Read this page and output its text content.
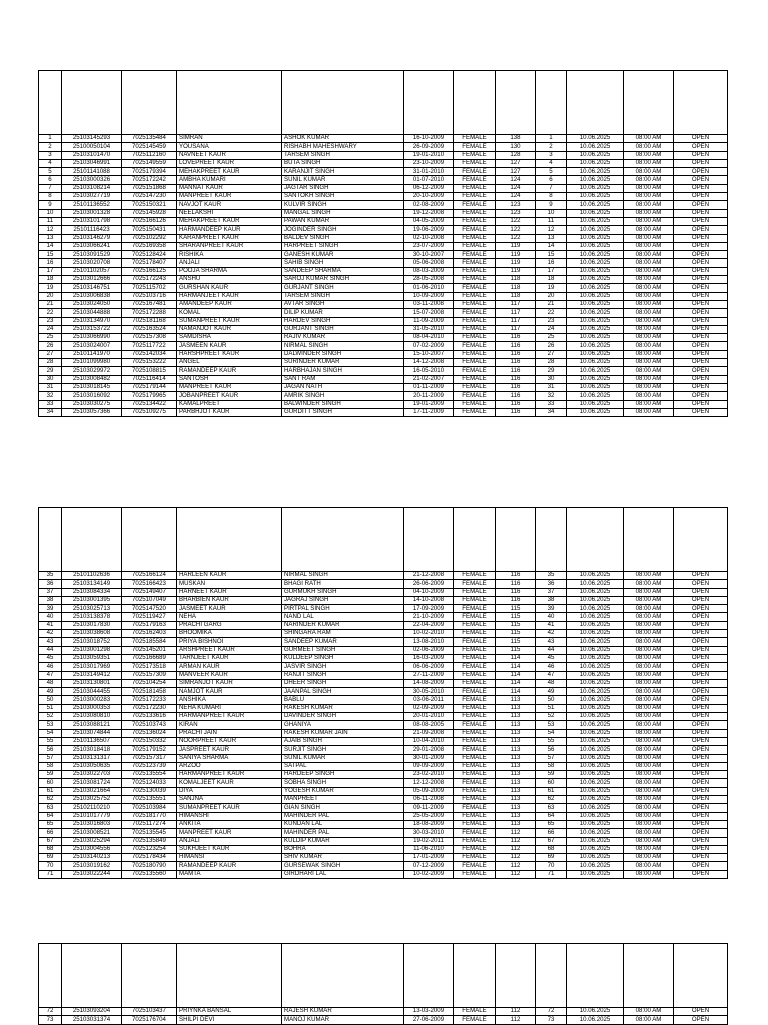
1	25103145293	7025135484	SIMRAN	ASHOK KUMAR	16-10-2009	FEMALE	138	1	10.06.2025	08:00 AM	OPEN
2	25100050104	7025145459	YOUSANA	RISHABH MAHESHWARY	26-09-2009	FEMALE	130	2	10.06.2025	08:00 AM	OPEN
3	25103101470	7025112160	NAVNEET KAUR	TARSEM SINGH	19-01-2010	FEMALE	128	3	10.06.2025	08:00 AM	OPEN
4	25103046991	7025149559	LOVEPREET KAUR	BUTA SINGH	23-10-2009	FEMALE	127	4	10.06.2025	08:00 AM	OPEN
5	25101141088	7025179394	MEHAKPREET KAUR	KARANJIT SINGH	31-01-2010	FEMALE	127	5	10.06.2025	08:00 AM	OPEN
6	25103000326	7025172242	AMBHA KUMARI	SUNIL KUMAR	01-07-2010	FEMALE	124	6	10.06.2025	08:00 AM	OPEN
7	25103108214	7025151868	MANNAT KAUR	JAGTAR SINGH	06-12-2009	FEMALE	124	7	10.06.2025	08:00 AM	OPEN
8	25103027719	7025147230	MANPREET KAUR	SANTOKH SINGH	20-10-2009	FEMALE	124	8	10.06.2025	08:00 AM	OPEN
9	25101136552	7025150321	NAVJOT KAUR	KULVIR SINGH	02-08-2009	FEMALE	123	9	10.06.2025	08:00 AM	OPEN
10	25103001328	7025145928	NEELAKSHI	MANGAL SINGH	19-12-2008	FEMALE	123	10	10.06.2025	08:00 AM	OPEN
11	25103101798	7025166126	MEHAKPREET KAUR	PAWAN KUMAR	04-05-2009	FEMALE	122	11	10.06.2025	08:00 AM	OPEN
12	25101116423	7025150431	HARMANDEEP KAUR	JOGINDER SINGH	19-06-2009	FEMALE	122	12	10.06.2025	08:00 AM	OPEN
13	25103146279	7025102292	KARANPREET KAUR	BALDEV SINGH	02-10-2008	FEMALE	122	13	10.06.2025	08:00 AM	OPEN
14	25103066241	7025169358	SHARANPREET KAUR	HARPREET SINGH	23-07-2009	FEMALE	119	14	10.06.2025	08:00 AM	OPEN
15	25103091529	7025128424	RISHIKA	GANESH KUMAR	30-10-2007	FEMALE	119	15	10.06.2025	08:00 AM	OPEN
16	25103020708	7025178407	ANJALI	SAHIB SINGH	05-06-2008	FEMALE	119	16	10.06.2025	08:00 AM	OPEN
17	25101102057	7025166125	POOJA SHARMA	SANDEEP SHARMA	08-03-2009	FEMALE	119	17	10.06.2025	08:00 AM	OPEN
18	25103012666	7025172243	ANSHU	SAROJ KUMAR SINGH	28-05-2008	FEMALE	118	18	10.06.2025	08:00 AM	OPEN
19	25103146751	7025115702	GURSHAN KAUR	GURJANT SINGH	01-06-2010	FEMALE	118	19	10.06.2025	08:00 AM	OPEN
20	25103006838	7025103716	HARMANJEET KAUR	TARSEM SINGH	10-09-2009	FEMALE	118	20	10.06.2025	08:00 AM	OPEN
21	25103024050	7025167481	AMANDEEP KAUR	AVTAR SINGH	03-11-2008	FEMALE	117	21	10.06.2025	08:00 AM	OPEN
22	25103044888	7025172288	KOMAL	DILIP KUMAR	15-07-2008	FEMALE	117	22	10.06.2025	08:00 AM	OPEN
23	25103134970	7025181168	SUMANPREET KAUR	HARDEV SINGH	11-09-2009	FEMALE	117	23	10.06.2025	08:00 AM	OPEN
24	25103153722	7025163524	NAMANJOT KAUR	GURJANT SINGH	31-05-2010	FEMALE	117	24	10.06.2025	08:00 AM	OPEN
25	25103066990	7025157308	SAMDISHA	RAJIV KUMAR	08-04-2010	FEMALE	116	25	10.06.2025	08:00 AM	OPEN
26	25103024007	7025117722	JASMEEN KAUR	NIRMAL SINGH	07-02-2009	FEMALE	116	26	10.06.2025	08:00 AM	OPEN
27	25101141970	7025142034	HARSHPREET KAUR	DALWINDER SINGH	15-10-2007	FEMALE	116	27	10.06.2025	08:00 AM	OPEN
28	25101099980	7025153222	ANGEL	SURINDER KUMAR	14-12-2008	FEMALE	116	28	10.06.2025	08:00 AM	OPEN
29	25103029972	7025108815	RAMANDEEP KAUR	HARBHAJAN SINGH	16-05-2010	FEMALE	116	29	10.06.2025	08:00 AM	OPEN
30	25103008482	7025116414	SANTOSH	SANT RAM	21-02-2007	FEMALE	116	30	10.06.2025	08:00 AM	OPEN
31	25103018145	7025179144	MANPREET KAUR	JAGAN NATH	01-11-2009	FEMALE	116	31	10.06.2025	08:00 AM	OPEN
32	25103016092	7025179965	JOBANPREET KAUR	AMRIK SINGH	20-11-2009	FEMALE	116	32	10.06.2025	08:00 AM	OPEN
33	25103030275	7025134422	KAMALPREET	BALWINDER SINGH	19-01-2009	FEMALE	116	33	10.06.2025	08:00 AM	OPEN
34	25103057366	7025109275	PARBHJOT KAUR	GURDITT SINGH	17-11-2009	FEMALE	116	34	10.06.2025	08:00 AM	OPEN

35	25101102636	7025166124	HARLEEN KAUR	NIRMAL SINGH	21-12-2008	FEMALE	116	35	10.06.2025	08:00 AM	OPEN
36	25103134149	7025166423	MUSKAN	BHAGI RATH	26-06-2009	FEMALE	116	36	10.06.2025	08:00 AM	OPEN
37	25103084334	7025149407	HARNEET KAUR	GURMUKH SINGH	04-10-2009	FEMALE	116	37	10.06.2025	08:00 AM	OPEN
38	25103001395	7025107049	BHARBIEN KAUR	JAGRAJ SINGH	14-10-2008	FEMALE	116	38	10.06.2025	08:00 AM	OPEN
39	25103025713	7025147520	JASMEET KAUR	PIRTPAL SINGH	17-09-2009	FEMALE	115	39	10.06.2025	08:00 AM	OPEN
40	25103138378	7025119427	NEHA	NAND LAL	21-10-2009	FEMALE	115	40	10.06.2025	08:00 AM	OPEN
41	25103017830	7025179163	PRACHI GARG	NARINDER KUMAR	22-04-2009	FEMALE	115	41	10.06.2025	08:00 AM	OPEN
42	25103038608	7025162403	BHOOMIKA	SHINGARA RAM	10-02-2010	FEMALE	115	42	10.06.2025	08:00 AM	OPEN
43	25103018752	7025185584	PRIYA BISHNOI	SANDEEP KUMAR	13-08-2010	FEMALE	115	43	10.06.2025	08:00 AM	OPEN
44	25103001298	7025145201	ARSHPREET KAUR	GURMEET SINGH	02-06-2009	FEMALE	115	44	10.06.2025	08:00 AM	OPEN
45	25103059351	7025166689	TARNJEET KAUR	KULDEEP SINGH	16-03-2009	FEMALE	114	45	10.06.2025	08:00 AM	OPEN
46	25103017969	7025173518	ARMAN KAUR	JASVIR SINGH	06-06-2009	FEMALE	114	46	10.06.2025	08:00 AM	OPEN
47	25103149412	7025157309	MANVEER KAUR	RANJIT SINGH	27-11-2009	FEMALE	114	47	10.06.2025	08:00 AM	OPEN
48	25103130801	7025104254	SIMRANJOT KAUR	DHEER SINGH	14-08-2009	FEMALE	114	48	10.06.2025	08:00 AM	OPEN
49	25103044455	7025181458	NAMJOT KAUR	JAANPAL SINGH	30-05-2010	FEMALE	114	49	10.06.2025	08:00 AM	OPEN
50	25103000283	7025172233	ANSHIKA	BABLU	03-06-2011	FEMALE	113	50	10.06.2025	08:00 AM	OPEN
51	25103000353	7025172230	NEHA KUMARI	RAKESH KUMAR	02-09-2009	FEMALE	113	51	10.06.2025	08:00 AM	OPEN
52	25103080810	7025133616	HARMANPREET KAUR	DAVINDER SINGH	20-01-2010	FEMALE	113	52	10.06.2025	08:00 AM	OPEN
53	25103088121	7025103743	KIRAN	GHANIYA	08-08-2005	FEMALE	113	53	10.06.2025	08:00 AM	OPEN
54	25103074844	7025136024	PRACHI JAIN	RAKESH KUMAR JAIN	21-09-2008	FEMALE	113	54	10.06.2025	08:00 AM	OPEN
55	25101136507	7025150332	NOORPREET KAUR	AJAIB SINGH	10-04-2010	FEMALE	113	55	10.06.2025	08:00 AM	OPEN
56	25103018418	7025179152	JASPREET KAUR	SURJIT SINGH	29-01-2008	FEMALE	113	56	10.06.2025	08:00 AM	OPEN
57	25103131317	7025157317	SANIYA SHARMA	SUNIL KUMAR	30-01-2009	FEMALE	113	57	10.06.2025	08:00 AM	OPEN
58	25103050635	7025123739	ARZOO	SATPAL	09-09-2009	FEMALE	113	58	10.06.2025	08:00 AM	OPEN
59	25103022703	7025135554	HARMANPREET KAUR	HARDEEP SINGH	23-02-2010	FEMALE	113	59	10.06.2025	08:00 AM	OPEN
60	25103081724	7025124033	KOMALJEET KAUR	SOBHA SINGH	12-12-2008	FEMALE	113	60	10.06.2025	08:00 AM	OPEN
61	25103021664	7025130039	DIYA	YOGESH KUMAR	05-09-2009	FEMALE	113	61	10.06.2025	08:00 AM	OPEN
62	25103025752	7025135551	SANJNA	MANPREET	06-11-2008	FEMALE	113	62	10.06.2025	08:00 AM	OPEN
63	25102110210	7025103984	SUMANPREET KAUR	GIAN SINGH	09-11-2009	FEMALE	113	63	10.06.2025	08:00 AM	OPEN
64	25101017779	7025181770	HIMANSHI	MAHINDER PAL	25-05-2009	FEMALE	113	64	10.06.2025	08:00 AM	OPEN
65	25103016803	7025117274	ANKITA	KUNDAN LAL	18-08-2009	FEMALE	113	65	10.06.2025	08:00 AM	OPEN
66	25103008521	7025135545	MANPREET KAUR	MAHINDER PAL	30-03-2010	FEMALE	112	66	10.06.2025	08:00 AM	OPEN
67	25103025294	7025135849	ANJALI	KULDIP KUMAR	19-02-2011	FEMALE	112	67	10.06.2025	08:00 AM	OPEN
68	25103004556	7025123254	SUKHJEET KAUR	BOHRA	11-06-2010	FEMALE	112	68	10.06.2025	08:00 AM	OPEN
69	25103140213	7025178434	HIMANSI	SHIV KUMAR	17-01-2009	FEMALE	112	69	10.06.2025	08:00 AM	OPEN
70	25103019162	7025180790	RAMANDEEP KAUR	GURSEWAK SINGH	07-12-2009	FEMALE	112	70	10.06.2025	08:00 AM	OPEN
71	25103022244	7025135560	MAMTA	GIRDHARI LAL	10-02-2009	FEMALE	112	71	10.06.2025	08:00 AM	OPEN

72	25103093204	7025103437	PRIYNKA BANSAL	RAJESH KUMAR	13-03-2009	FEMALE	112	72	10.06.2025	08:00 AM	OPEN
73	25103031374	7025176704	SHILPI DEVI	MANOJ KUMAR	27-06-2009	FEMALE	112	73	10.06.2025	08:00 AM	OPEN
